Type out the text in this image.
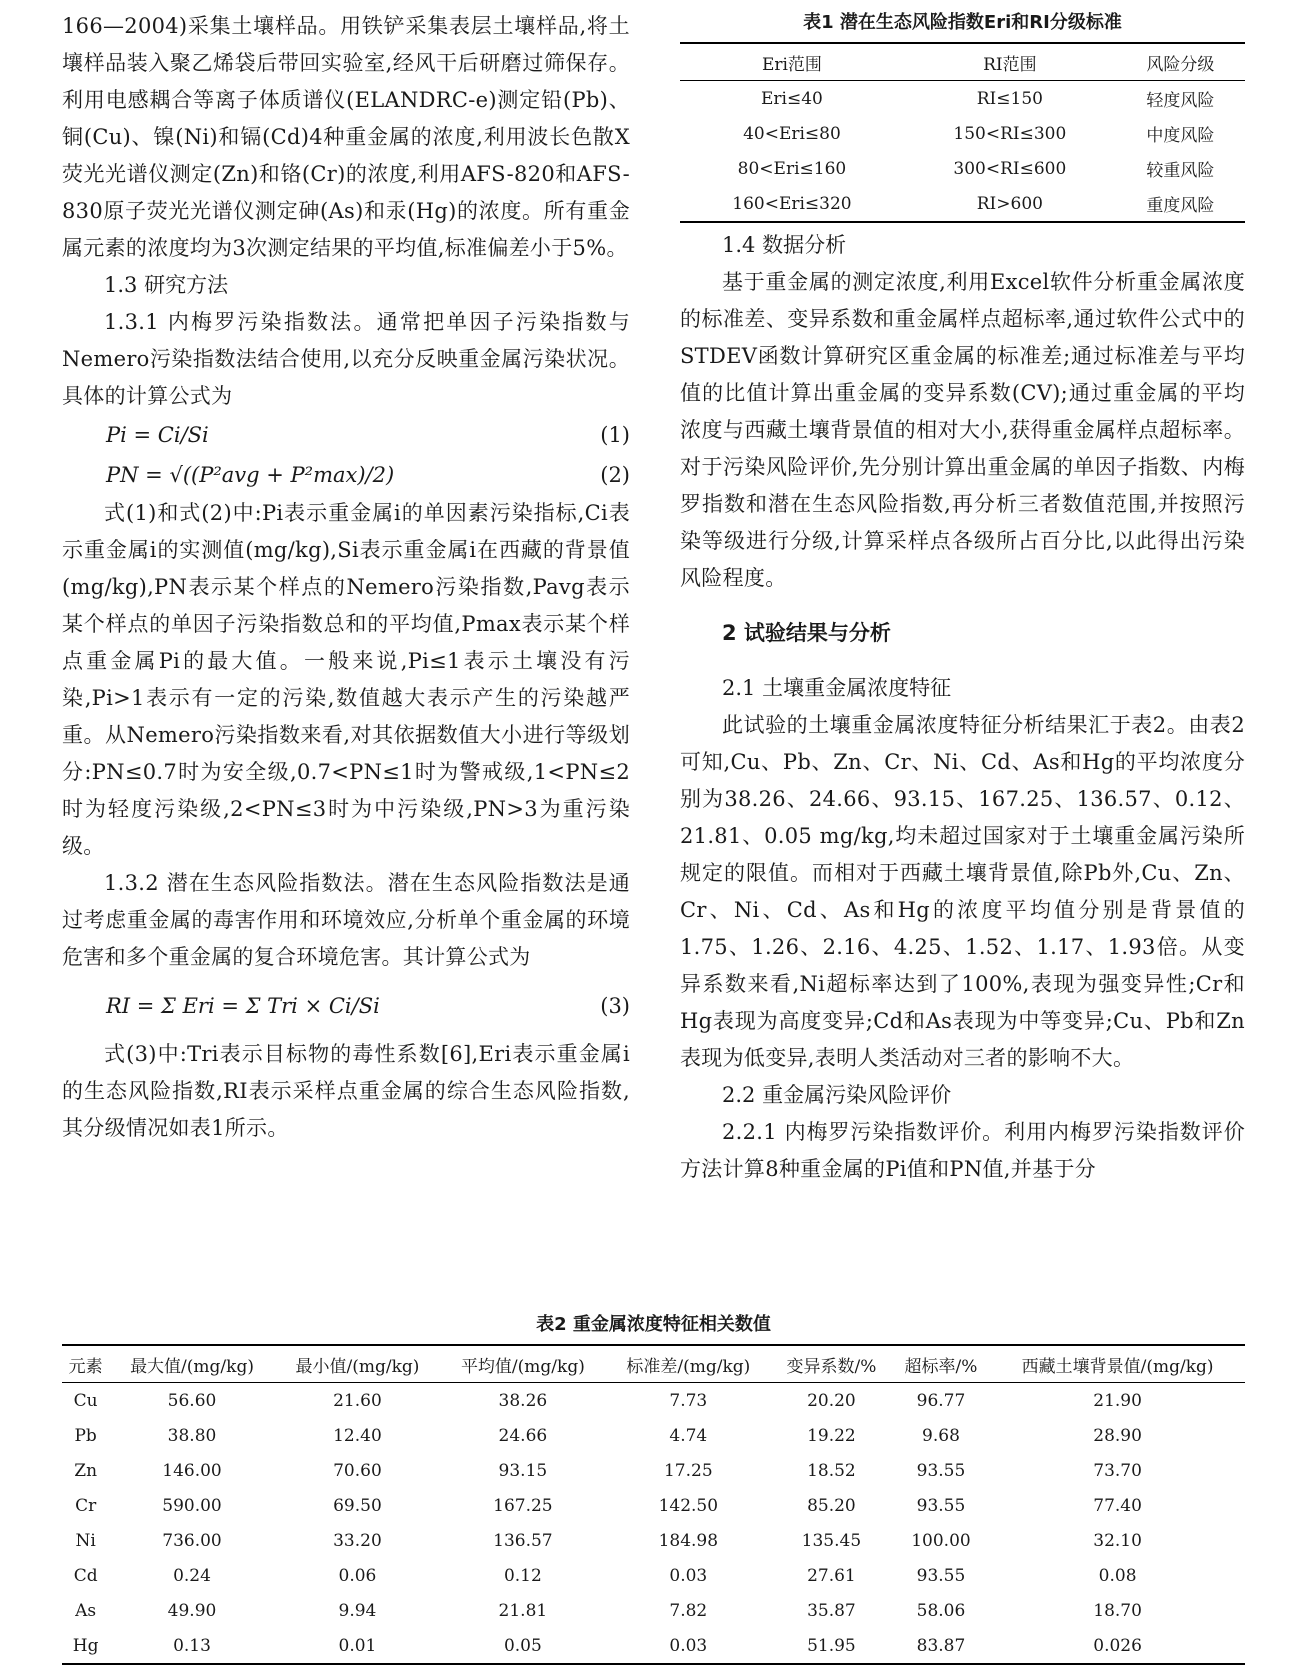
166—2004)采集土壤样品。用铁铲采集表层土壤样品,将土壤样品装入聚乙烯袋后带回实验室,经风干后研磨过筛保存。利用电感耦合等离子体质谱仪(ELANDRC-e)测定铅(Pb)、铜(Cu)、镍(Ni)和镉(Cd)4种重金属的浓度,利用波长色散X荧光光谱仪测定(Zn)和铬(Cr)的浓度,利用AFS-820和AFS-830原子荧光光谱仪测定砷(As)和汞(Hg)的浓度。所有重金属元素的浓度均为3次测定结果的平均值,标准偏差小于5%。

1.3 研究方法

1.3.1 内梅罗污染指数法。通常把单因子污染指数与Nemero污染指数法结合使用,以充分反映重金属污染状况。具体的计算公式为

Pi = Ci/Si	(1)
PN = √((P²avg + P²max)/2)	(2)

式(1)和式(2)中:Pi表示重金属i的单因素污染指标,Ci表示重金属i的实测值(mg/kg),Si表示重金属i在西藏的背景值(mg/kg),PN表示某个样点的Nemero污染指数,Pavg表示某个样点的单因子污染指数总和的平均值,Pmax表示某个样点重金属Pi的最大值。一般来说,Pi≤1表示土壤没有污染,Pi>1表示有一定的污染,数值越大表示产生的污染越严重。从Nemero污染指数来看,对其依据数值大小进行等级划分:PN≤0.7时为安全级,0.7<PN≤1时为警戒级,1<PN≤2时为轻度污染级,2<PN≤3时为中污染级,PN>3为重污染级。

1.3.2 潜在生态风险指数法。潜在生态风险指数法是通过考虑重金属的毒害作用和环境效应,分析单个重金属的环境危害和多个重金属的复合环境危害。其计算公式为

RI = Σ Eri = Σ Tri × Ci/Si	(3)

式(3)中:Tri表示目标物的毒性系数[6],Eri表示重金属i的生态风险指数,RI表示采样点重金属的综合生态风险指数,其分级情况如表1所示。

表1 潜在生态风险指数Eri和RI分级标准

Eri范围	RI范围	风险分级
Eri≤40	RI≤150	轻度风险
40<Eri≤80	150<RI≤300	中度风险
80<Eri≤160	300<RI≤600	较重风险
160<Eri≤320	RI>600	重度风险

1.4 数据分析

基于重金属的测定浓度,利用Excel软件分析重金属浓度的标准差、变异系数和重金属样点超标率,通过软件公式中的STDEV函数计算研究区重金属的标准差;通过标准差与平均值的比值计算出重金属的变异系数(CV);通过重金属的平均浓度与西藏土壤背景值的相对大小,获得重金属样点超标率。对于污染风险评价,先分别计算出重金属的单因子指数、内梅罗指数和潜在生态风险指数,再分析三者数值范围,并按照污染等级进行分级,计算采样点各级所占百分比,以此得出污染风险程度。

2 试验结果与分析

2.1 土壤重金属浓度特征

此试验的土壤重金属浓度特征分析结果汇于表2。由表2可知,Cu、Pb、Zn、Cr、Ni、Cd、As和Hg的平均浓度分别为38.26、24.66、93.15、167.25、136.57、0.12、21.81、0.05 mg/kg,均未超过国家对于土壤重金属污染所规定的限值。而相对于西藏土壤背景值,除Pb外,Cu、Zn、Cr、Ni、Cd、As和Hg的浓度平均值分别是背景值的1.75、1.26、2.16、4.25、1.52、1.17、1.93倍。从变异系数来看,Ni超标率达到了100%,表现为强变异性;Cr和Hg表现为高度变异;Cd和As表现为中等变异;Cu、Pb和Zn表现为低变异,表明人类活动对三者的影响不大。

2.2 重金属污染风险评价

2.2.1 内梅罗污染指数评价。利用内梅罗污染指数评价方法计算8种重金属的Pi值和PN值,并基于分

表2 重金属浓度特征相关数值

元素	最大值/(mg/kg)	最小值/(mg/kg)	平均值/(mg/kg)	标准差/(mg/kg)	变异系数/%	超标率/%	西藏土壤背景值/(mg/kg)
Cu	56.60	21.60	38.26	7.73	20.20	96.77	21.90
Pb	38.80	12.40	24.66	4.74	19.22	9.68	28.90
Zn	146.00	70.60	93.15	17.25	18.52	93.55	73.70
Cr	590.00	69.50	167.25	142.50	85.20	93.55	77.40
Ni	736.00	33.20	136.57	184.98	135.45	100.00	32.10
Cd	0.24	0.06	0.12	0.03	27.61	93.55	0.08
As	49.90	9.94	21.81	7.82	35.87	58.06	18.70
Hg	0.13	0.01	0.05	0.03	51.95	83.87	0.026
